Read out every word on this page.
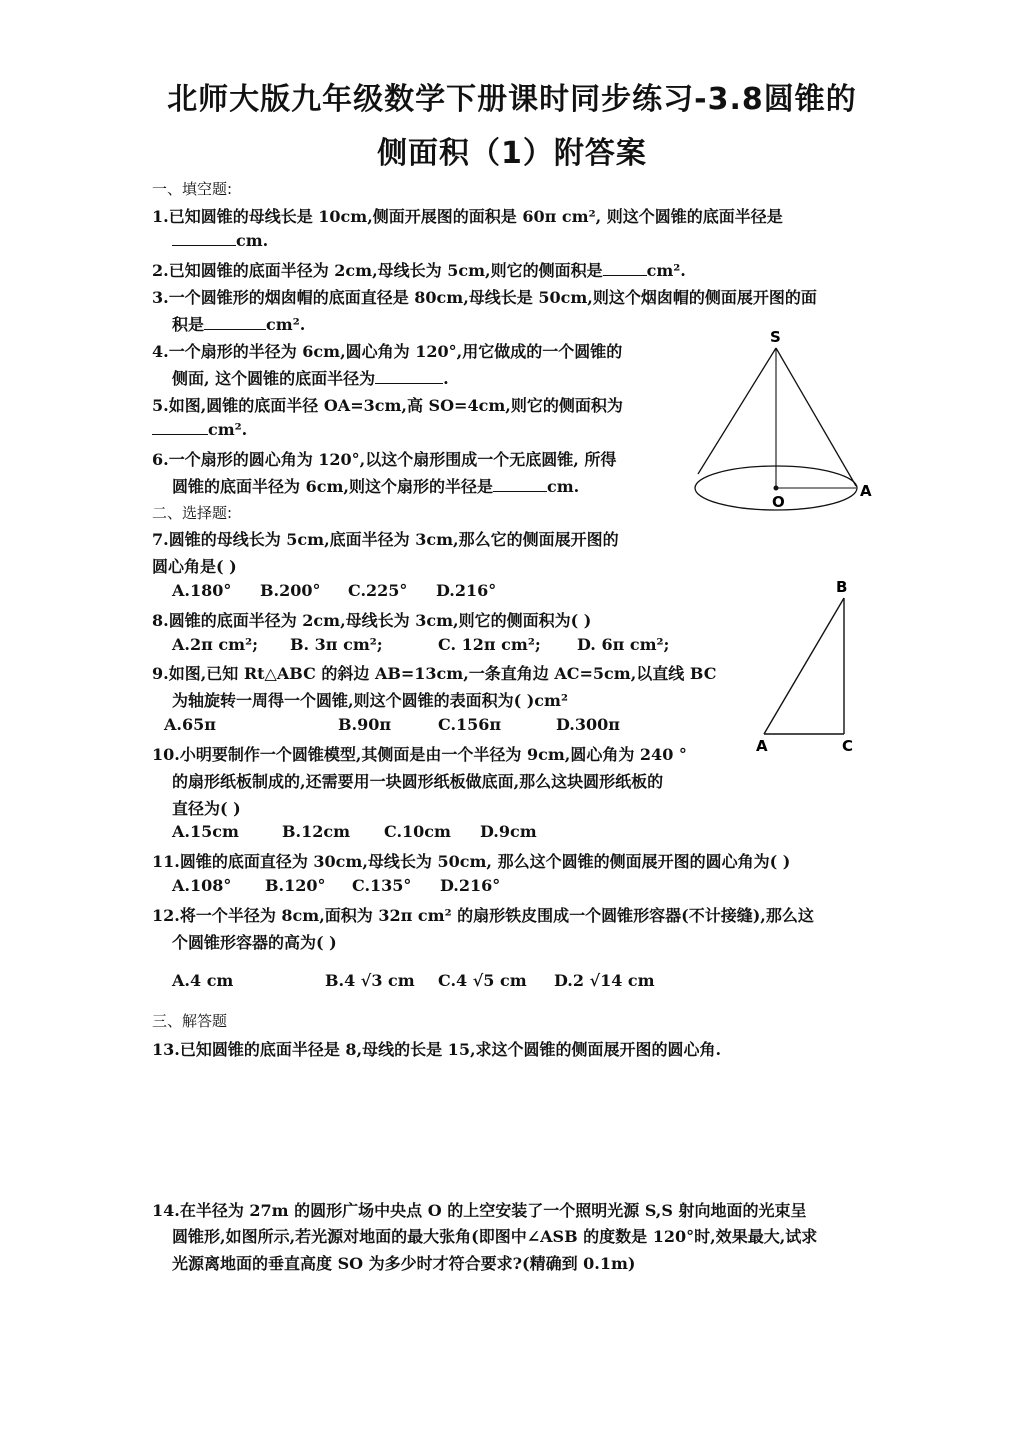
北师大版九年级数学下册课时同步练习-3.8圆锥的
侧面积（1）附答案
一、填空题:
1.已知圆锥的母线长是 10cm,侧面开展图的面积是 60π cm², 则这个圆锥的底面半径是
cm.
2.已知圆锥的底面半径为 2cm,母线长为 5cm,则它的侧面积是	cm².
3.一个圆锥形的烟囱帽的底面直径是 80cm,母线长是 50cm,则这个烟囱帽的侧面展开图的面
积是	cm².
4.一个扇形的半径为 6cm,圆心角为 120°,用它做成的一个圆锥的
侧面, 这个圆锥的底面半径为	.
5.如图,圆锥的底面半径 OA=3cm,高 SO=4cm,则它的侧面积为
cm².
6.一个扇形的圆心角为 120°,以这个扇形围成一个无底圆锥, 所得
圆锥的底面半径为 6cm,则这个扇形的半径是	cm.
二、选择题:
7.圆锥的母线长为 5cm,底面半径为 3cm,那么它的侧面展开图的
圆心角是( )
A.180° B.200° C.225° D.216°
8.圆锥的底面半径为 2cm,母线长为 3cm,则它的侧面积为( )
A.2π cm²; B. 3π cm²;	C. 12π cm²; D. 6π cm²;
9.如图,已知 Rt△ABC 的斜边 AB=13cm,一条直角边 AC=5cm,以直线 BC
为轴旋转一周得一个圆锥,则这个圆锥的表面积为( )cm²
A.65π	B.90π	C.156π	D.300π
10.小明要制作一个圆锥模型,其侧面是由一个半径为 9cm,圆心角为 240 °
的扇形纸板制成的,还需要用一块圆形纸板做底面,那么这块圆形纸板的
直径为( )
A.15cm	B.12cm C.10cm D.9cm
11.圆锥的底面直径为 30cm,母线长为 50cm, 那么这个圆锥的侧面展开图的圆心角为( )
A.108° B.120° C.135° D.216°
12.将一个半径为 8cm,面积为 32π cm² 的扇形铁皮围成一个圆锥形容器(不计接缝),那么这
个圆锥形容器的高为( )
A.4 cm	B.4 √3 cm C.4 √5 cm D.2 √14 cm
三、解答题
13.已知圆锥的底面半径是 8,母线的长是 15,求这个圆锥的侧面展开图的圆心角.
14.在半径为 27m 的圆形广场中央点 O 的上空安装了一个照明光源 S,S 射向地面的光束呈
圆锥形,如图所示,若光源对地面的最大张角(即图中∠ASB 的度数是 120°时,效果最大,试求
光源离地面的垂直高度 SO 为多少时才符合要求?(精确到 0.1m)
S
O
A
B
A	C
